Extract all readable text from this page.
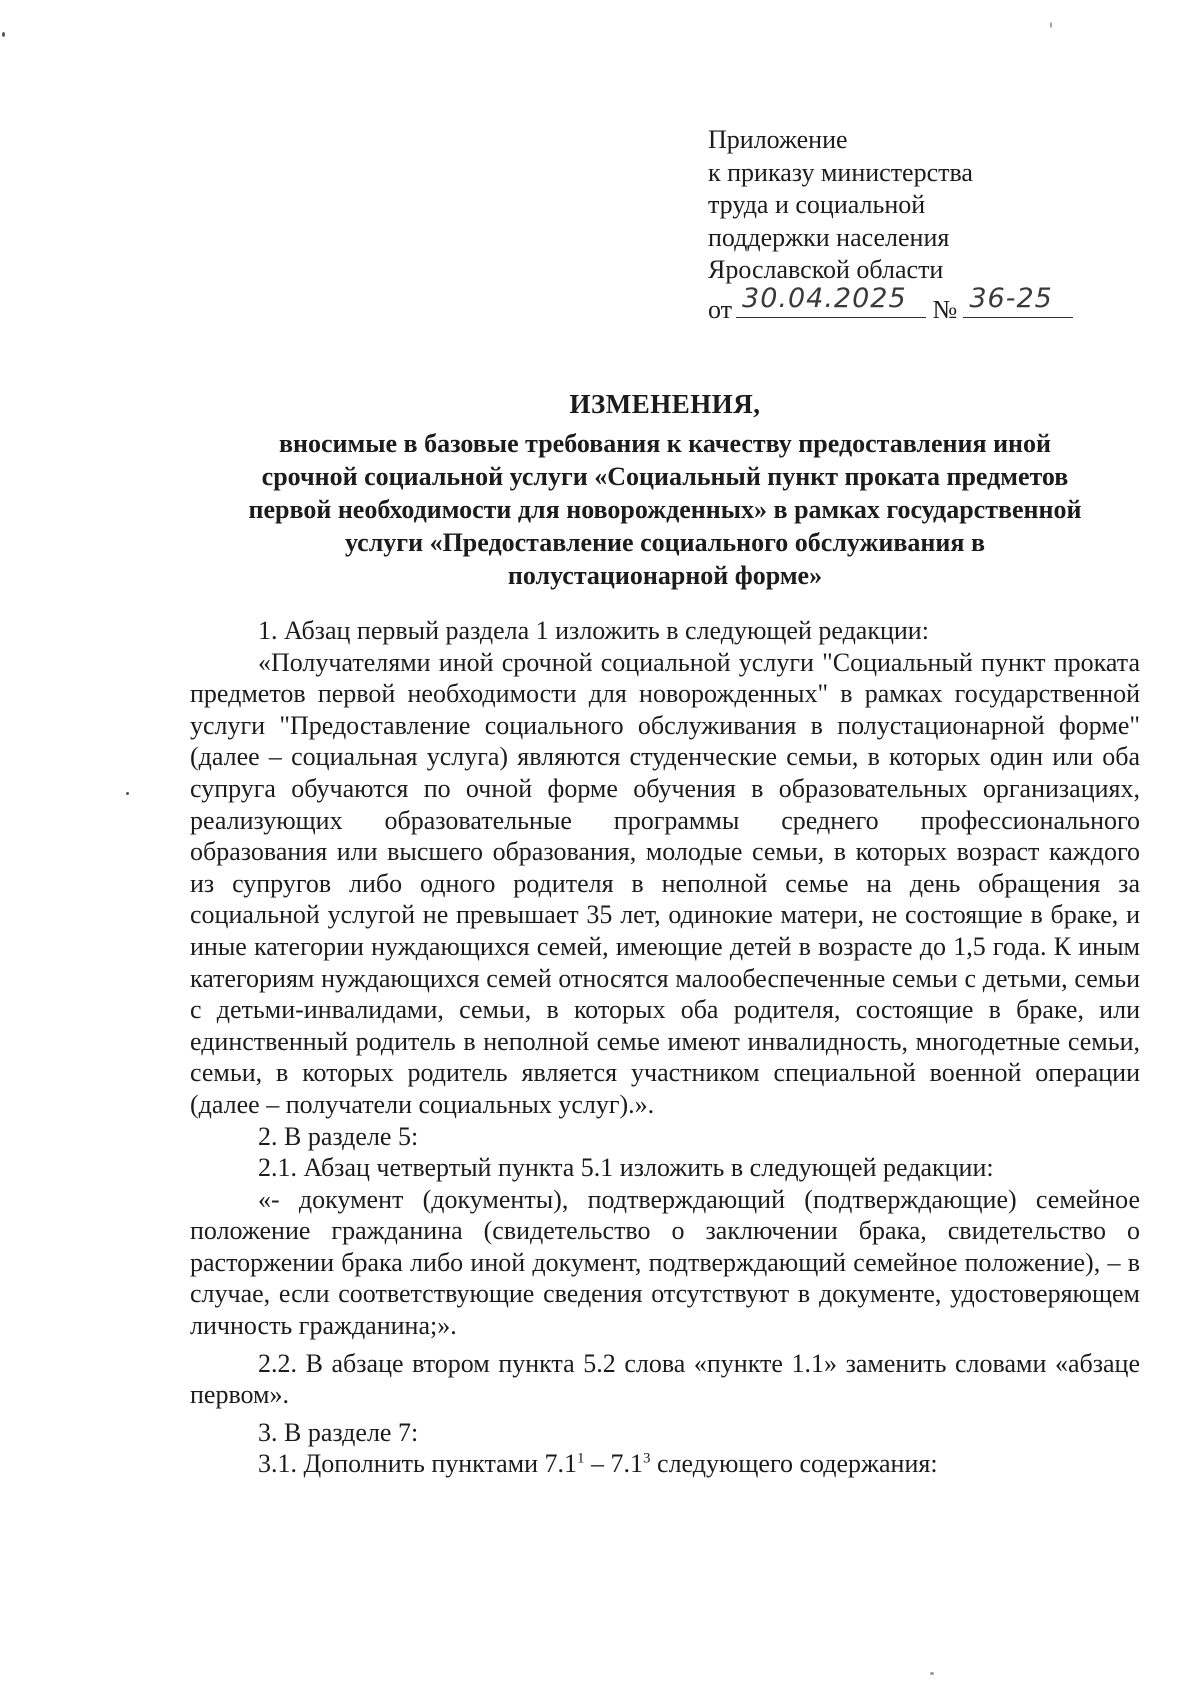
Приложение
к приказу министерства
труда и социальной
поддержки населения
Ярославской области
от 30.04.2025 № 36-25
ИЗМЕНЕНИЯ,
вносимые в базовые требования к качеству предоставления иной
срочной социальной услуги «Социальный пункт проката предметов
первой необходимости для новорожденных» в рамках государственной
услуги «Предоставление социального обслуживания в
полустационарной форме»

1. Абзац первый раздела 1 изложить в следующей редакции:

«Получателями иной срочной социальной услуги "Социальный пункт проката предметов первой необходимости для новорожденных" в рамках государственной услуги "Предоставление социального обслуживания в полустационарной форме" (далее – социальная услуга) являются студенческие семьи, в которых один или оба супруга обучаются по очной форме обучения в образовательных организациях, реализующих образовательные программы среднего профессионального образования или высшего образования, молодые семьи, в которых возраст каждого из супругов либо одного родителя в неполной семье на день обращения за социальной услугой не превышает 35 лет, одинокие матери, не состоящие в браке, и иные категории нуждающихся семей, имеющие детей в возрасте до 1,5 года. К иным категориям нуждающихся семей относятся малообеспеченные семьи с детьми, семьи с детьми-инвалидами, семьи, в которых оба родителя, состоящие в браке, или единственный родитель в неполной семье имеют инвалидность, многодетные семьи, семьи, в которых родитель является участником специальной военной операции (далее – получатели социальных услуг).».

2. В разделе 5:

2.1. Абзац четвертый пункта 5.1 изложить в следующей редакции:

«- документ (документы), подтверждающий (подтверждающие) семейное положение гражданина (свидетельство о заключении брака, свидетельство о расторжении брака либо иной документ, подтверждающий семейное положение), – в случае, если соответствующие сведения отсутствуют в документе, удостоверяющем личность гражданина;».

2.2. В абзаце втором пункта 5.2 слова «пункте 1.1» заменить словами «абзаце первом».

3. В разделе 7:

3.1. Дополнить пунктами $7.1^1 - 7.1^3$ следующего содержания:
